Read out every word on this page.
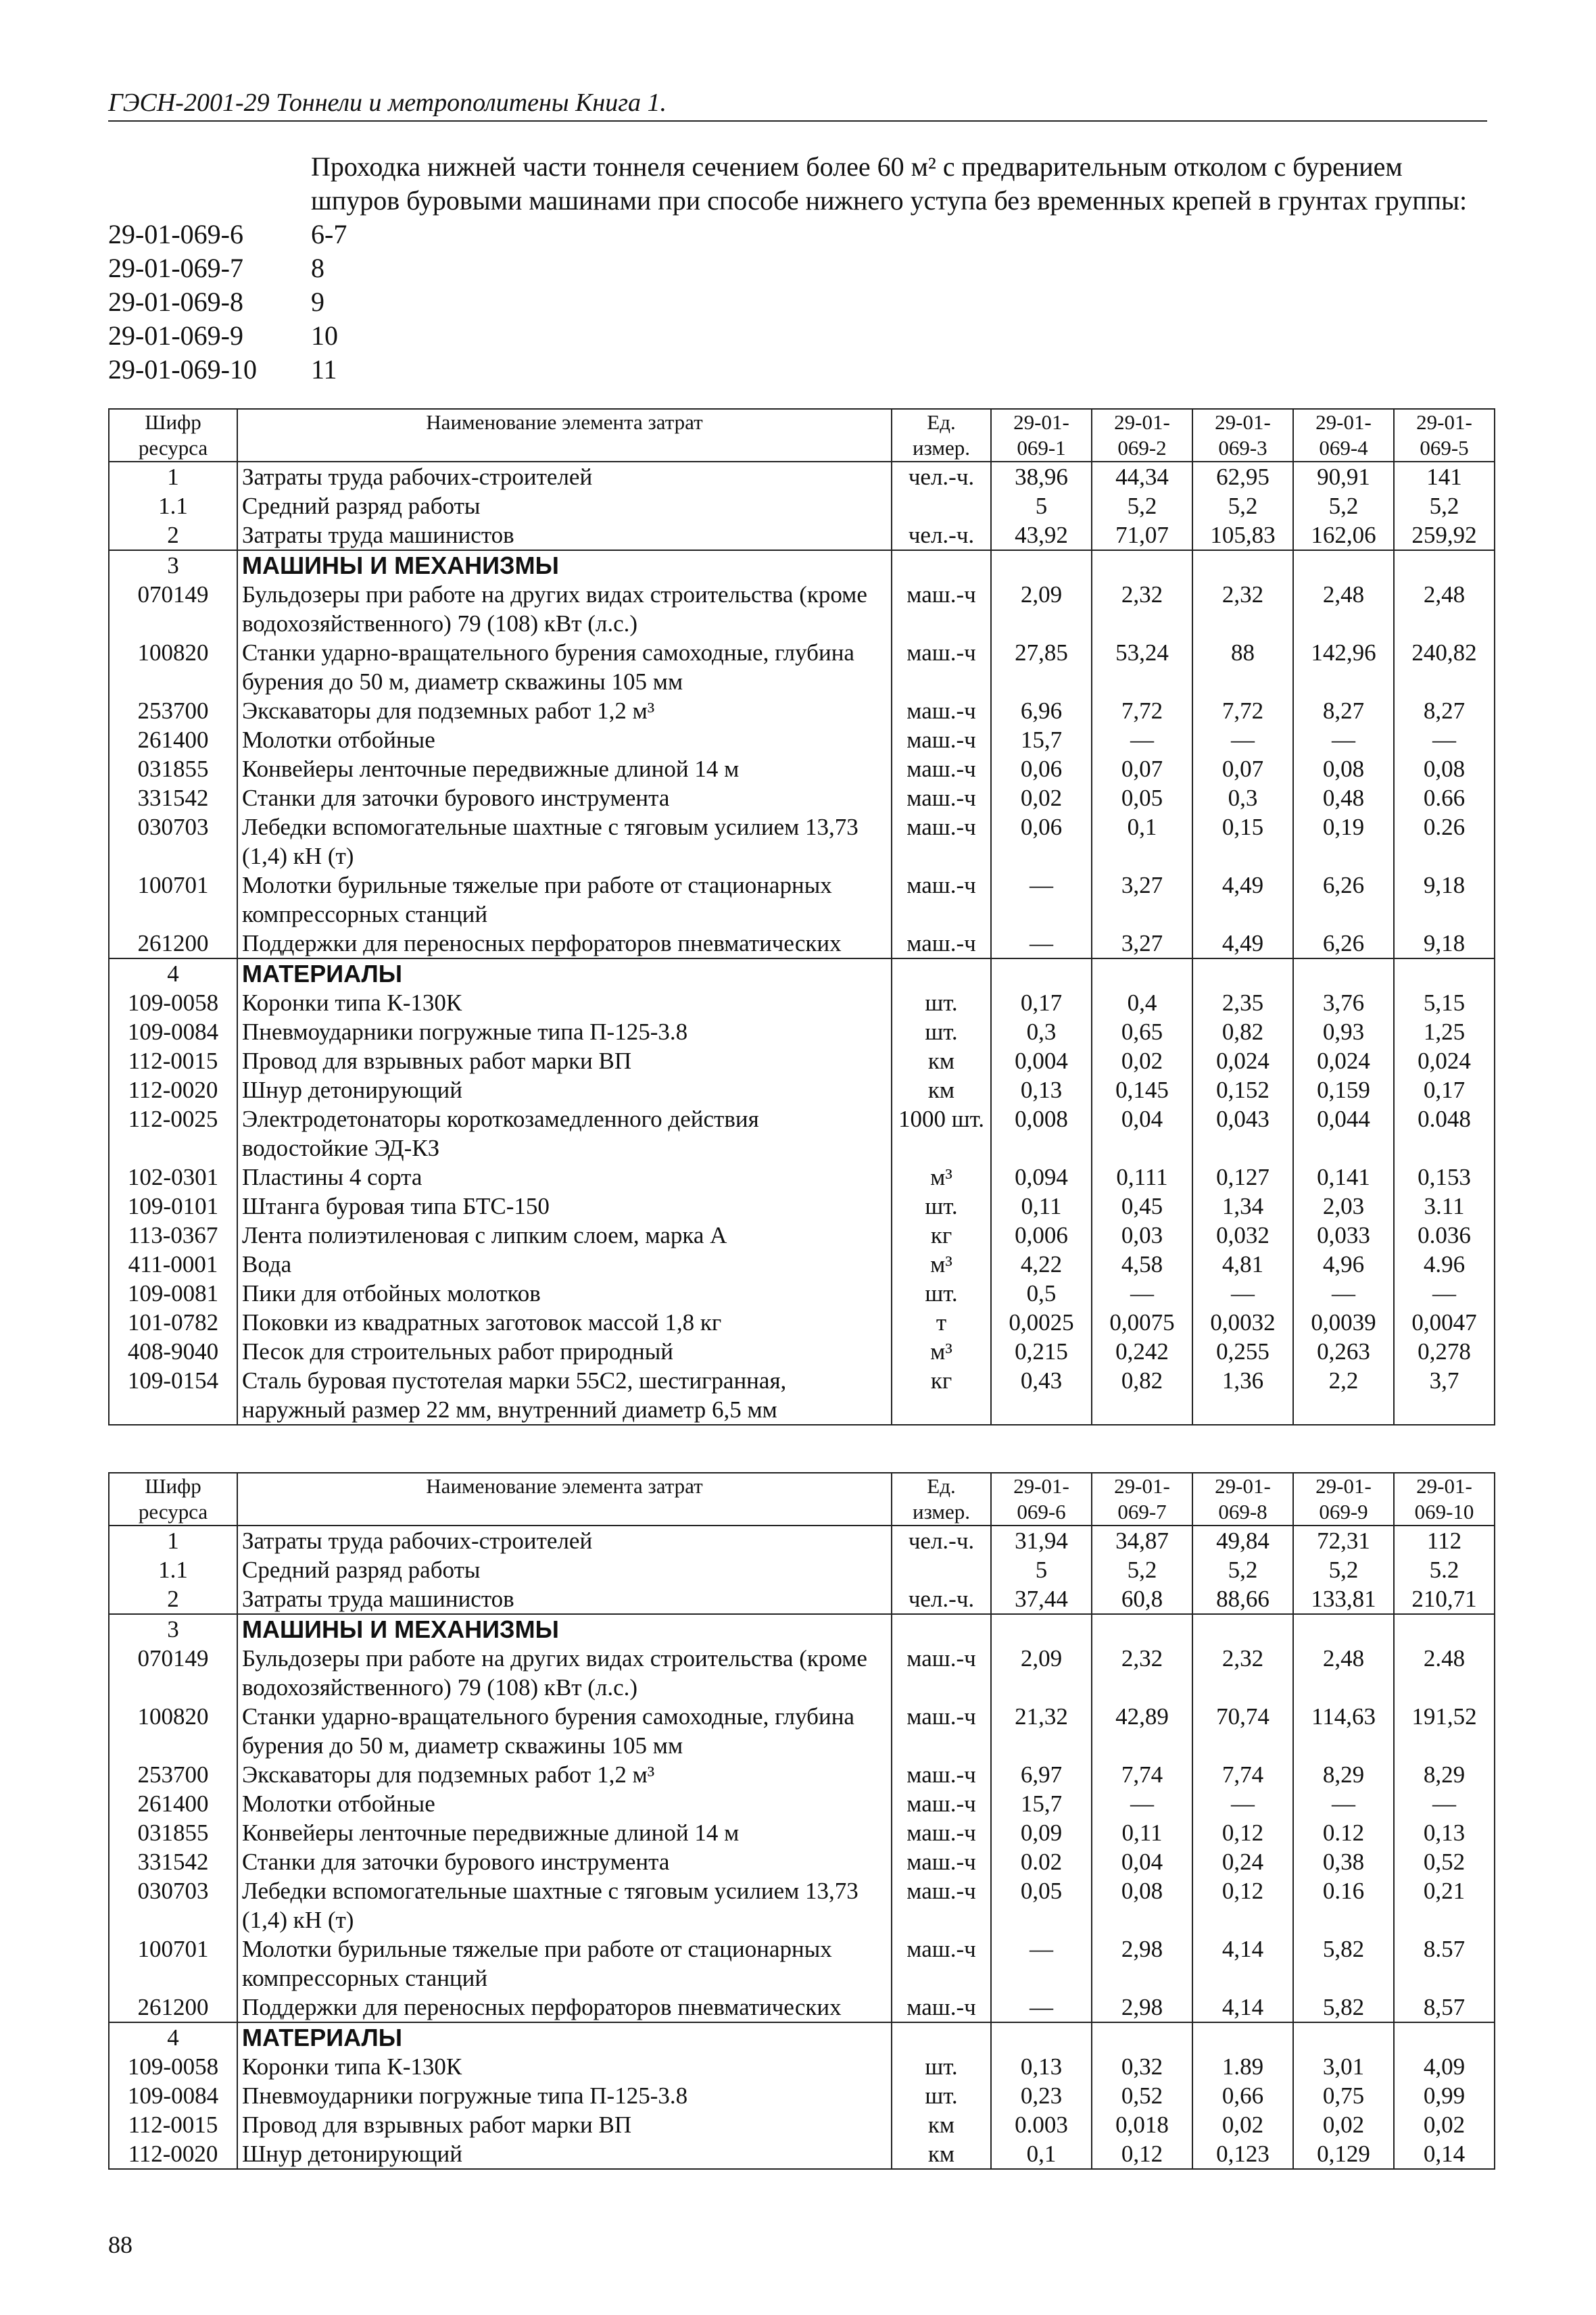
ГЭСН-2001-29 Тоннели и метрополитены Книга 1.
Проходка нижней части тоннеля сечением более 60 м² с предварительным отколом с бурением
шпуров буровыми машинами при способе нижнего уступа без временных крепей в грунтах группы:
29-01-069-6	6-7
29-01-069-7	8
29-01-069-8	9
29-01-069-9	10
29-01-069-10	11
Шифр ресурса	Наименование элемента затрат	Ед. измер.	29-01-069-1	29-01-069-2	29-01-069-3	29-01-069-4	29-01-069-5
1	Затраты труда рабочих-строителей	чел.-ч.	38,96	44,34	62,95	90,91	141
1.1	Средний разряд работы		5	5,2	5,2	5,2	5,2
2	Затраты труда машинистов	чел.-ч.	43,92	71,07	105,83	162,06	259,92
3	МАШИНЫ И МЕХАНИЗМЫ						
070149	Бульдозеры при работе на других видах строительства (кроме водохозяйственного) 79 (108) кВт (л.с.)	маш.-ч	2,09	2,32	2,32	2,48	2,48
100820	Станки ударно-вращательного бурения самоходные, глубина бурения до 50 м, диаметр скважины 105 мм	маш.-ч	27,85	53,24	88	142,96	240,82
253700	Экскаваторы для подземных работ 1,2 м³	маш.-ч	6,96	7,72	7,72	8,27	8,27
261400	Молотки отбойные	маш.-ч	15,7	—	—	—	—
031855	Конвейеры ленточные передвижные длиной 14 м	маш.-ч	0,06	0,07	0,07	0,08	0,08
331542	Станки для заточки бурового инструмента	маш.-ч	0,02	0,05	0,3	0,48	0.66
030703	Лебедки вспомогательные шахтные с тяговым усилием 13,73 (1,4) кН (т)	маш.-ч	0,06	0,1	0,15	0,19	0.26
100701	Молотки бурильные тяжелые при работе от стационарных компрессорных станций	маш.-ч	—	3,27	4,49	6,26	9,18
261200	Поддержки для переносных перфораторов пневматических	маш.-ч	—	3,27	4,49	6,26	9,18
4	МАТЕРИАЛЫ						
109-0058	Коронки типа К-130К	шт.	0,17	0,4	2,35	3,76	5,15
109-0084	Пневмоударники погружные типа П-125-3.8	шт.	0,3	0,65	0,82	0,93	1,25
112-0015	Провод для взрывных работ марки ВП	км	0,004	0,02	0,024	0,024	0,024
112-0020	Шнур детонирующий	км	0,13	0,145	0,152	0,159	0,17
112-0025	Электродетонаторы короткозамедленного действия водостойкие ЭД-КЗ	1000 шт.	0,008	0,04	0,043	0,044	0.048
102-0301	Пластины 4 сорта	м³	0,094	0,111	0,127	0,141	0,153
109-0101	Штанга буровая типа БТС-150	шт.	0,11	0,45	1,34	2,03	3.11
113-0367	Лента полиэтиленовая с липким слоем, марка А	кг	0,006	0,03	0,032	0,033	0.036
411-0001	Вода	м³	4,22	4,58	4,81	4,96	4.96
109-0081	Пики для отбойных молотков	шт.	0,5	—	—	—	—
101-0782	Поковки из квадратных заготовок массой 1,8 кг	т	0,0025	0,0075	0,0032	0,0039	0,0047
408-9040	Песок для строительных работ природный	м³	0,215	0,242	0,255	0,263	0,278
109-0154	Сталь буровая пустотелая марки 55С2, шестигранная, наружный размер 22 мм, внутренний диаметр 6,5 мм	кг	0,43	0,82	1,36	2,2	3,7
Шифр ресурса	Наименование элемента затрат	Ед. измер.	29-01-069-6	29-01-069-7	29-01-069-8	29-01-069-9	29-01-069-10
1	Затраты труда рабочих-строителей	чел.-ч.	31,94	34,87	49,84	72,31	112
1.1	Средний разряд работы		5	5,2	5,2	5,2	5.2
2	Затраты труда машинистов	чел.-ч.	37,44	60,8	88,66	133,81	210,71
3	МАШИНЫ И МЕХАНИЗМЫ						
070149	Бульдозеры при работе на других видах строительства (кроме водохозяйственного) 79 (108) кВт (л.с.)	маш.-ч	2,09	2,32	2,32	2,48	2.48
100820	Станки ударно-вращательного бурения самоходные, глубина бурения до 50 м, диаметр скважины 105 мм	маш.-ч	21,32	42,89	70,74	114,63	191,52
253700	Экскаваторы для подземных работ 1,2 м³	маш.-ч	6,97	7,74	7,74	8,29	8,29
261400	Молотки отбойные	маш.-ч	15,7	—	—	—	—
031855	Конвейеры ленточные передвижные длиной 14 м	маш.-ч	0,09	0,11	0,12	0.12	0,13
331542	Станки для заточки бурового инструмента	маш.-ч	0.02	0,04	0,24	0,38	0,52
030703	Лебедки вспомогательные шахтные с тяговым усилием 13,73 (1,4) кН (т)	маш.-ч	0,05	0,08	0,12	0.16	0,21
100701	Молотки бурильные тяжелые при работе от стационарных компрессорных станций	маш.-ч	—	2,98	4,14	5,82	8.57
261200	Поддержки для переносных перфораторов пневматических	маш.-ч	—	2,98	4,14	5,82	8,57
4	МАТЕРИАЛЫ						
109-0058	Коронки типа К-130К	шт.	0,13	0,32	1.89	3,01	4,09
109-0084	Пневмоударники погружные типа П-125-3.8	шт.	0,23	0,52	0,66	0,75	0,99
112-0015	Провод для взрывных работ марки ВП	км	0.003	0,018	0,02	0,02	0,02
112-0020	Шнур детонирующий	км	0,1	0,12	0,123	0,129	0,14
88
